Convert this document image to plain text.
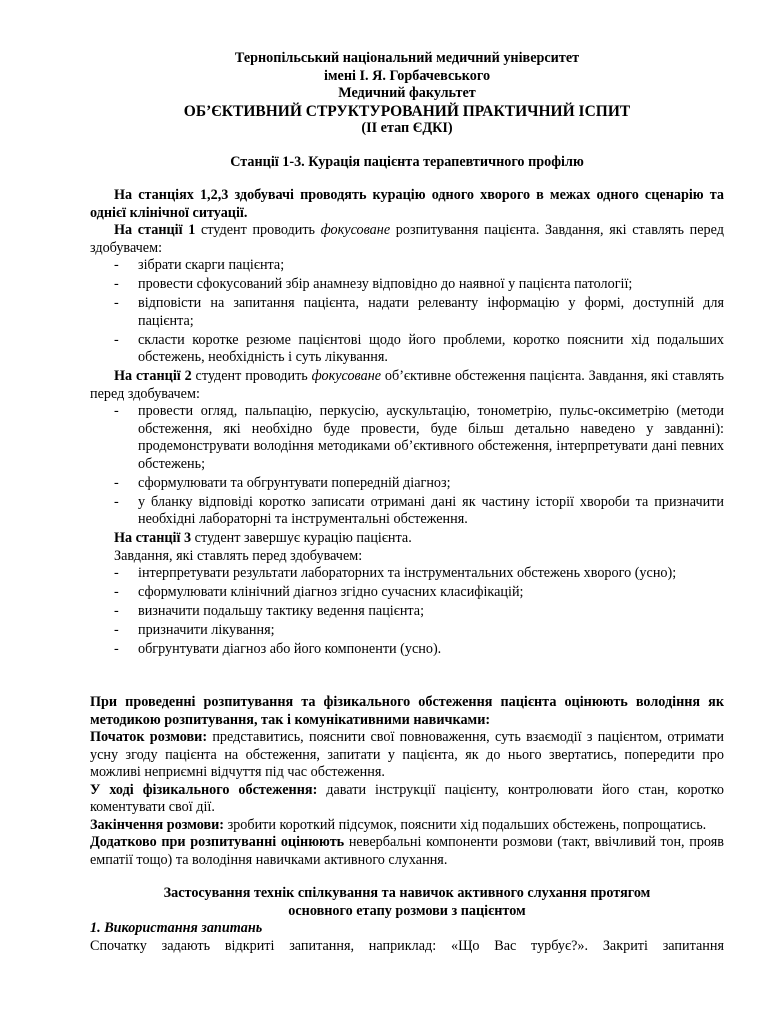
Тернопільський національний медичний університет
імені І. Я. Горбачевського
Медичний факультет
ОБ’ЄКТИВНИЙ СТРУКТУРОВАНИЙ ПРАКТИЧНИЙ ІСПИТ
(ІІ етап ЄДКІ)
Станції 1-3. Курація пацієнта терапевтичного профілю

На станціях 1,2,3 здобувачі проводять курацію одного хворого в межах одного сценарію та однієї клінічної ситуації.

На станції 1 студент проводить фокусоване розпитування пацієнта. Завдання, які ставлять перед здобувачем:

- зібрати скарги пацієнта;
- провести сфокусований збір анамнезу відповідно до наявної у пацієнта патології;
- відповісти на запитання пацієнта, надати релеванту інформацію у формі, доступній для пацієнта;
- скласти коротке резюме пацієнтові щодо його проблеми, коротко пояснити хід подальших обстежень, необхідність і суть лікування.

На станції 2 студент проводить фокусоване об’єктивне обстеження пацієнта. Завдання, які ставлять перед здобувачем:

- провести огляд, пальпацію, перкусію, аускультацію, тонометрію, пульс-оксиметрію (методи обстеження, які необхідно буде провести, буде більш детально наведено у завданні): продемонструвати володіння методиками об’єктивного обстеження, інтерпретувати дані певних обстежень;
- сформулювати та обгрунтувати попередній діагноз;
- у бланку відповіді коротко записати отримані дані як частину історії хвороби та призначити необхідні лабораторні та інструментальні обстеження.

На станції 3 студент завершує курацію пацієнта.

Завдання, які ставлять перед здобувачем:

- інтерпретувати результати лабораторних та інструментальних обстежень хворого (усно);
- сформулювати клінічний діагноз згідно сучасних класифікацій;
- визначити подальшу тактику ведення пацієнта;
- призначити лікування;
- обгрунтувати діагноз або його компоненти (усно).

При проведенні розпитування та фізикального обстеження пацієнта оцінюють володіння як методикою розпитування, так і комунікативними навичками:

Початок розмови: представитись, пояснити свої повноваження, суть взаємодії з пацієнтом, отримати усну згоду пацієнта на обстеження, запитати у пацієнта, як до нього звертатись, попередити про можливі неприємні відчуття під час обстеження.

У ході фізикального обстеження: давати інструкції пацієнту, контролювати його стан, коротко коментувати свої дії.

Закінчення розмови: зробити короткий підсумок, пояснити хід подальших обстежень, попрощатись.

Додатково при розпитуванні оцінюють невербальні компоненти розмови (такт, ввічливий тон, прояв емпатії тощо) та володіння навичками активного слухання.

Застосування технік спілкування та навичок активного слухання протягом
основного етапу розмови з пацієнтом

1. Використання запитань

Спочатку задають відкриті запитання, наприклад: «Що Вас турбує?». Закриті запитання
